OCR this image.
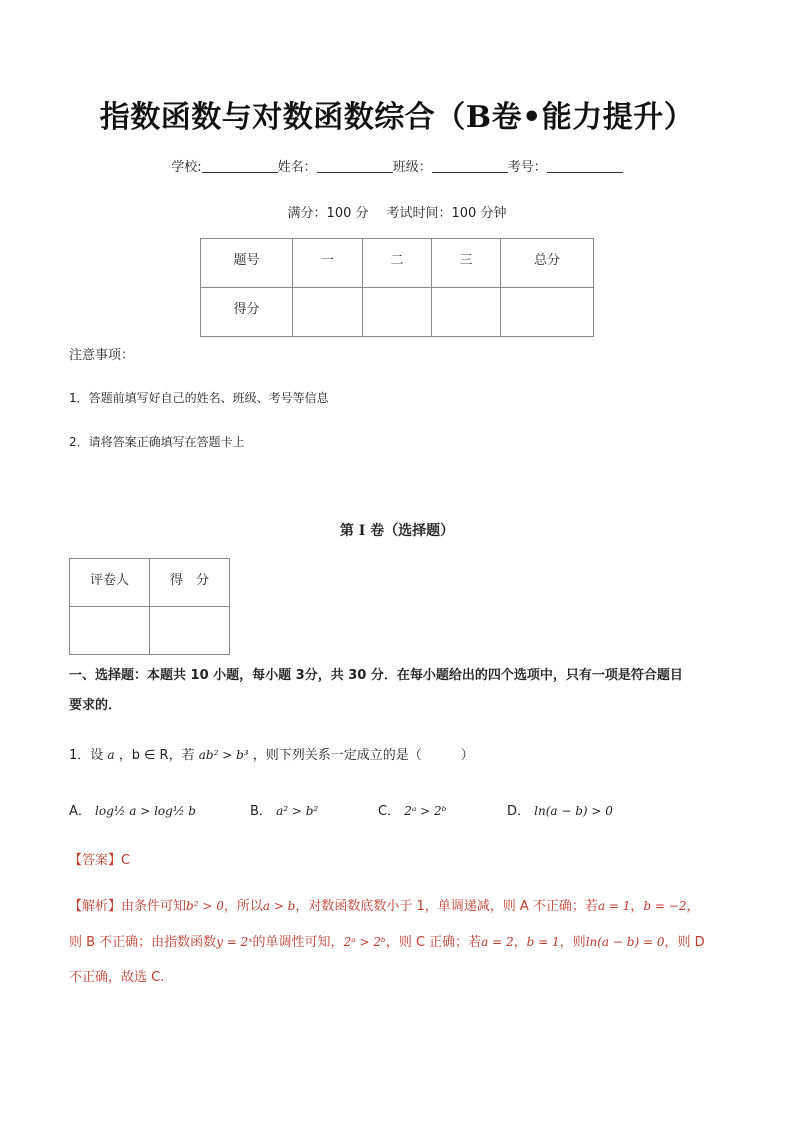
指数函数与对数函数综合（B卷•能力提升）
学校:	姓名：	班级：	考号：
满分：100 分 考试时间：100 分钟
题号	一	二	三	总分
得分				
注意事项：
1．答题前填写好自己的姓名、班级、考号等信息
2．请将答案正确填写在答题卡上
第 I 卷（选择题）
评卷人	得　分

一、选择题：本题共 10 小题，每小题 3分，共 30 分．在每小题给出的四个选项中，只有一项是符合题目
要求的．
1．设 a ，b ∈ R，若 ab² > b³ ，则下列关系一定成立的是（　　　）
A． log½ a > log½ b	B． a² > b²	C． 2ᵃ > 2ᵇ	D． ln(a − b) > 0
【答案】C
【解析】由条件可知b² > 0，所以a > b，对数函数底数小于 1，单调递减，则 A 不正确；若a = 1，b = −2，
则 B 不正确；由指数函数y = 2ˣ的单调性可知，2ᵃ > 2ᵇ，则 C 正确；若a = 2，b = 1，则ln(a − b) = 0，则 D
不正确，故选 C.
